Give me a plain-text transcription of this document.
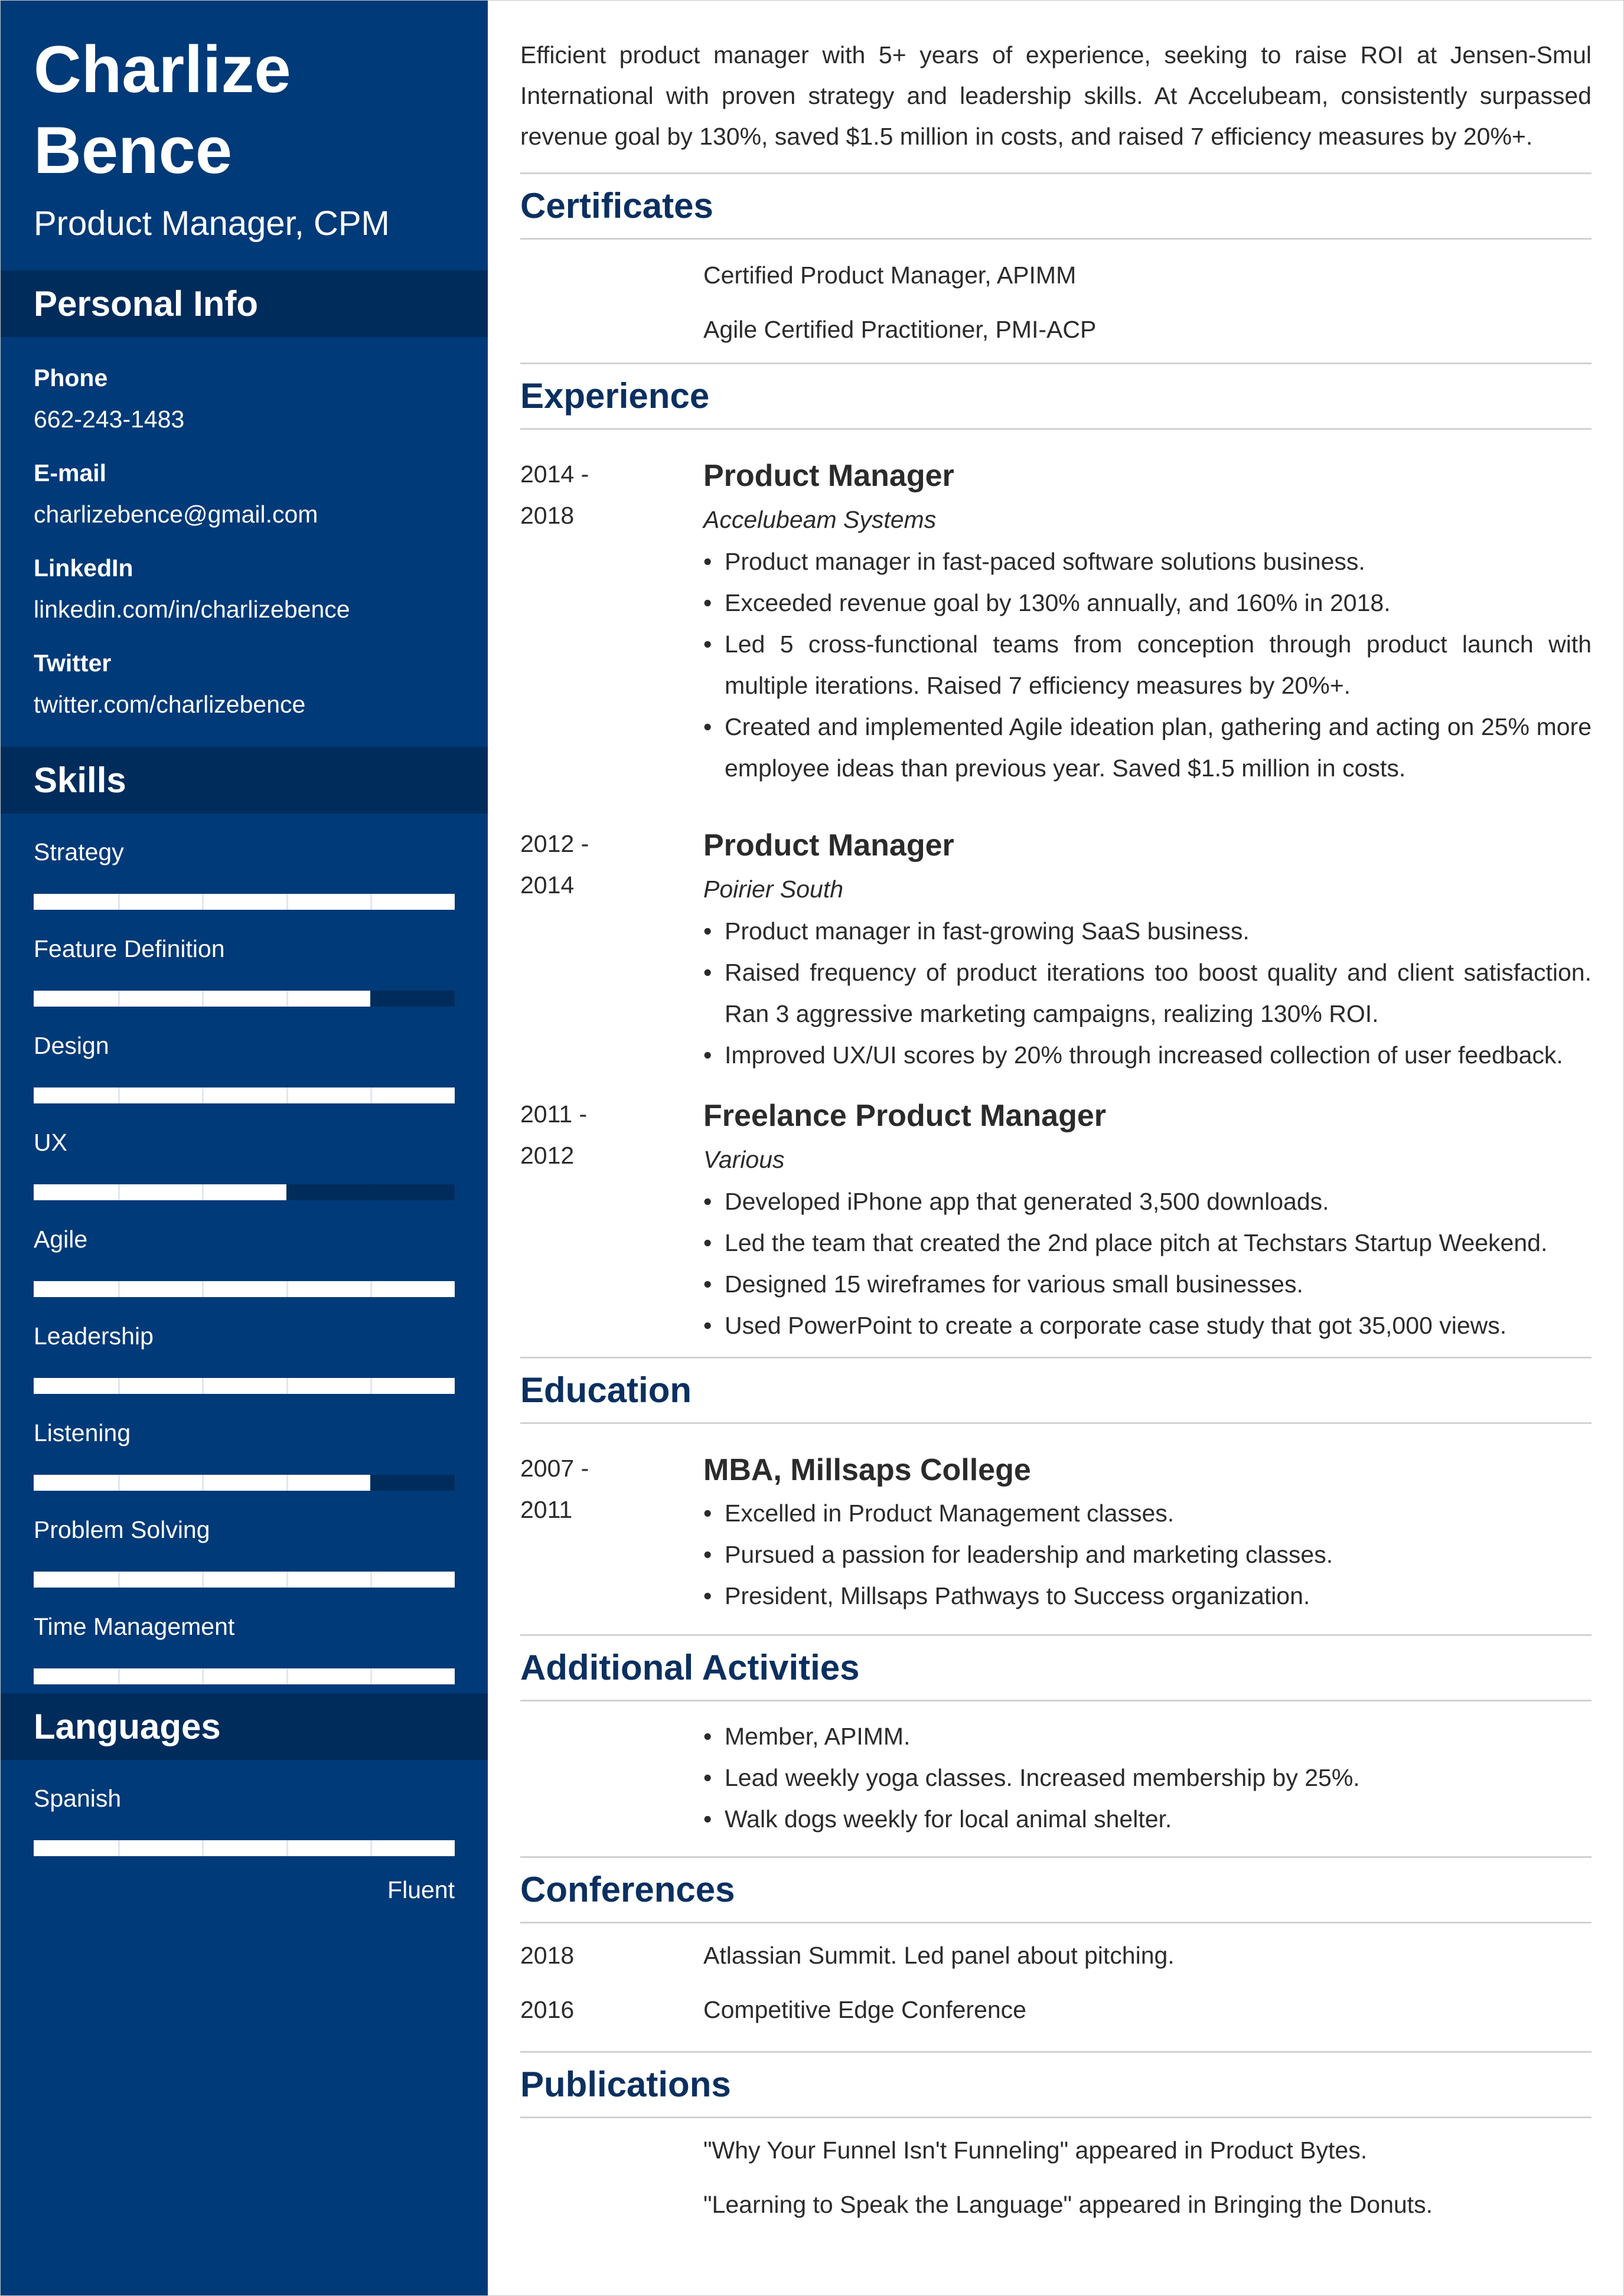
Charlize
Bence
Product Manager, CPM
Personal Info
Phone
662-243-1483
E-mail
charlizebence@gmail.com
LinkedIn
linkedin.com/in/charlizebence
Twitter
twitter.com/charlizebence
Skills
Strategy
Feature Definition
Design
UX
Agile
Leadership
Listening
Problem Solving
Time Management
Languages
Spanish
Fluent
Efficient product manager with 5+ years of experience, seeking to raise ROI at Jensen-Smul International with proven strategy and leadership skills. At Accelubeam, consistently surpassed revenue goal by 130%, saved $1.5 million in costs, and raised 7 efficiency measures by 20%+.
Certificates
Certified Product Manager, APIMM
Agile Certified Practitioner, PMI-ACP
Experience
2014 -
2018
Product Manager
Accelubeam Systems
• Product manager in fast-paced software solutions business.
• Exceeded revenue goal by 130% annually, and 160% in 2018.
• Led 5 cross-functional teams from conception through product launch with multiple iterations. Raised 7 efficiency measures by 20%+.
• Created and implemented Agile ideation plan, gathering and acting on 25% more employee ideas than previous year. Saved $1.5 million in costs.
2012 -
2014
Product Manager
Poirier South
• Product manager in fast-growing SaaS business.
• Raised frequency of product iterations too boost quality and client satisfaction. Ran 3 aggressive marketing campaigns, realizing 130% ROI.
• Improved UX/UI scores by 20% through increased collection of user feedback.
2011 -
2012
Freelance Product Manager
Various
• Developed iPhone app that generated 3,500 downloads.
• Led the team that created the 2nd place pitch at Techstars Startup Weekend.
• Designed 15 wireframes for various small businesses.
• Used PowerPoint to create a corporate case study that got 35,000 views.
Education
2007 -
2011
MBA, Millsaps College
• Excelled in Product Management classes.
• Pursued a passion for leadership and marketing classes.
• President, Millsaps Pathways to Success organization.
Additional Activities
• Member, APIMM.
• Lead weekly yoga classes. Increased membership by 25%.
• Walk dogs weekly for local animal shelter.
Conferences
2018	Atlassian Summit. Led panel about pitching.
2016	Competitive Edge Conference
Publications
"Why Your Funnel Isn't Funneling" appeared in Product Bytes.
"Learning to Speak the Language" appeared in Bringing the Donuts.
